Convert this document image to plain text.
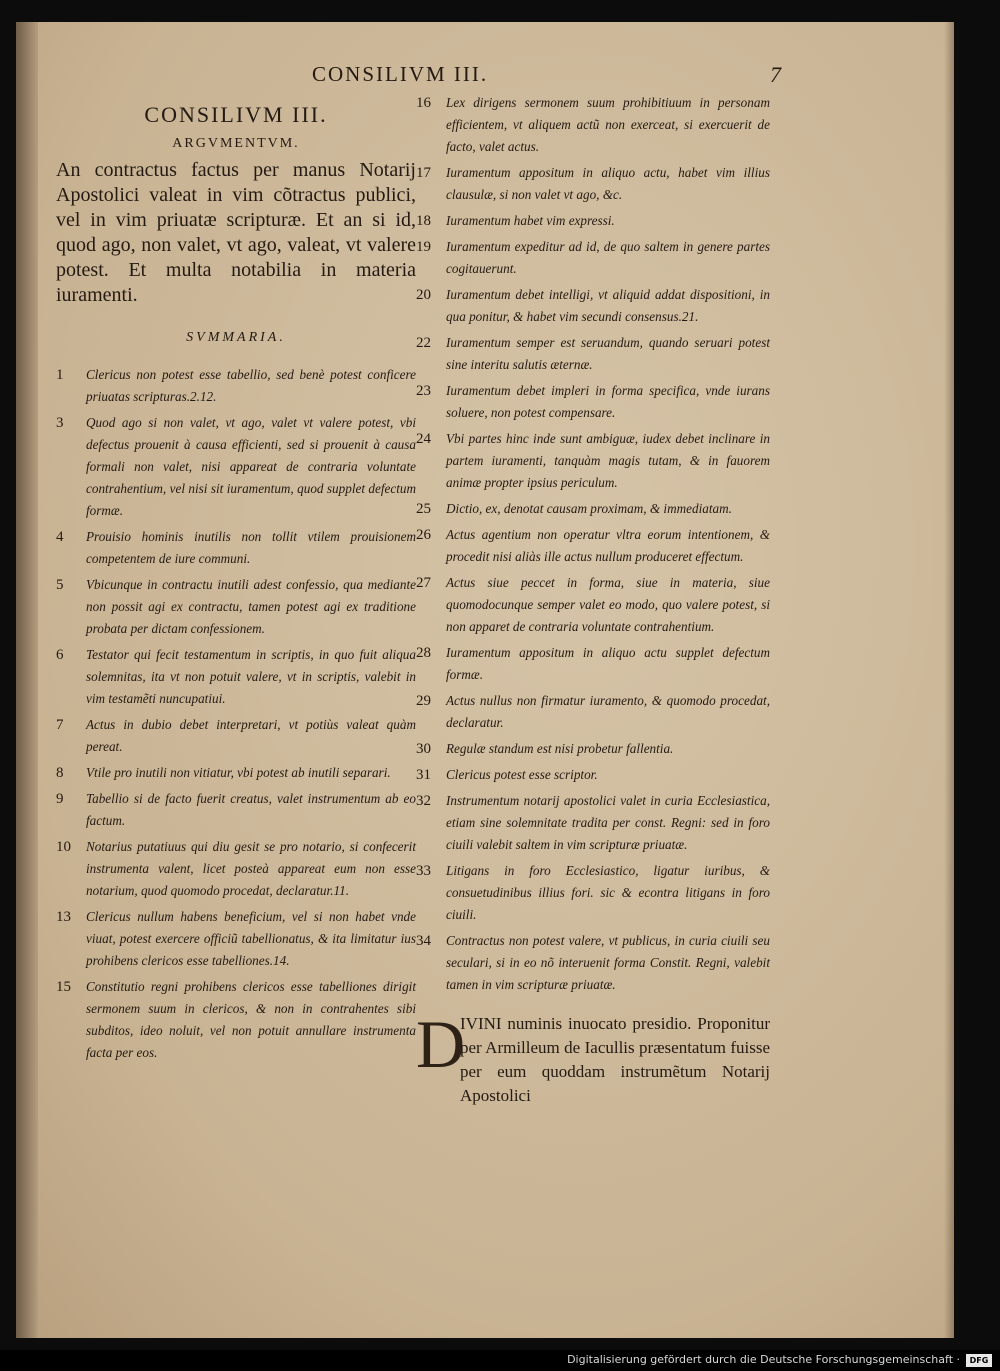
CONSILIVM III.	7
CONSILIVM III.
ARGVMENTVM.
An contractus factus per manus Notarij Apostolici valeat in vim cõtractus publici, vel in vim priuatæ scripturæ. Et an si id, quod ago, non valet, vt ago, valeat, vt valere potest. Et multa notabilia in materia iuramenti.
SVMMARIA.
1	Clericus non potest esse tabellio, sed benè potest conficere priuatas scripturas.2.12.
3	Quod ago si non valet, vt ago, valet vt valere potest, vbi defectus prouenit à causa efficienti, sed si prouenit à causa formali non valet, nisi appareat de contraria voluntate contrahentium, vel nisi sit iuramentum, quod supplet defectum formæ.
4	Prouisio hominis inutilis non tollit vtilem prouisionem competentem de iure communi.
5	Vbicunque in contractu inutili adest confessio, qua mediante non possit agi ex contractu, tamen potest agi ex traditione probata per dictam confessionem.
6	Testator qui fecit testamentum in scriptis, in quo fuit aliqua solemnitas, ita vt non potuit valere, vt in scriptis, valebit in vim testamẽti nuncupatiui.
7	Actus in dubio debet interpretari, vt potiùs valeat quàm pereat.
8	Vtile pro inutili non vitiatur, vbi potest ab inutili separari.
9	Tabellio si de facto fuerit creatus, valet instrumentum ab eo factum.
10	Notarius putatiuus qui diu gesit se pro notario, si confecerit instrumenta valent, licet posteà appareat eum non esse notarium, quod quomodo procedat, declaratur.11.
13	Clericus nullum habens beneficium, vel si non habet vnde viuat, potest exercere officiũ tabellionatus, & ita limitatur ius prohibens clericos esse tabelliones.14.
15	Constitutio regni prohibens clericos esse tabelliones dirigit sermonem suum in clericos, & non in contrahentes sibi subditos, ideo noluit, vel non potuit annullare instrumenta facta per eos.
16	Lex dirigens sermonem suum prohibitiuum in personam efficientem, vt aliquem actũ non exerceat, si exercuerit de facto, valet actus.
17	Iuramentum appositum in aliquo actu, habet vim illius clausulæ, si non valet vt ago, &c.
18	Iuramentum habet vim expressi.
19	Iuramentum expeditur ad id, de quo saltem in genere partes cogitauerunt.
20	Iuramentum debet intelligi, vt aliquid addat dispositioni, in qua ponitur, & habet vim secundi consensus.21.
22	Iuramentum semper est seruandum, quando seruari potest sine interitu salutis æternæ.
23	Iuramentum debet impleri in forma specifica, vnde iurans soluere, non potest compensare.
24	Vbi partes hinc inde sunt ambiguæ, iudex debet inclinare in partem iuramenti, tanquàm magis tutam, & in fauorem animæ propter ipsius periculum.
25	Dictio, ex, denotat causam proximam, & immediatam.
26	Actus agentium non operatur vltra eorum intentionem, & procedit nisi aliàs ille actus nullum produceret effectum.
27	Actus siue peccet in forma, siue in materia, siue quomodocunque semper valet eo modo, quo valere potest, si non apparet de contraria voluntate contrahentium.
28	Iuramentum appositum in aliquo actu supplet defectum formæ.
29	Actus nullus non firmatur iuramento, & quomodo procedat, declaratur.
30	Regulæ standum est nisi probetur fallentia.
31	Clericus potest esse scriptor.
32	Instrumentum notarij apostolici valet in curia Ecclesiastica, etiam sine solemnitate tradita per const. Regni: sed in foro ciuili valebit saltem in vim scripturæ priuatæ.
33	Litigans in foro Ecclesiastico, ligatur iuribus, & consuetudinibus illius fori. sic & econtra litigans in foro ciuili.
34	Contractus non potest valere, vt publicus, in curia ciuili seu seculari, si in eo nõ interuenit forma Constit. Regni, valebit tamen in vim scripturæ priuatæ.
D
IVINI numinis inuocato presidio. Proponitur per Armilleum de Iacullis præsentatum fuisse per eum quoddam instrumẽtum Notarij Apostolici
Digitalisierung gefördert durch die Deutsche Forschungsgemeinschaft ·	DFG
